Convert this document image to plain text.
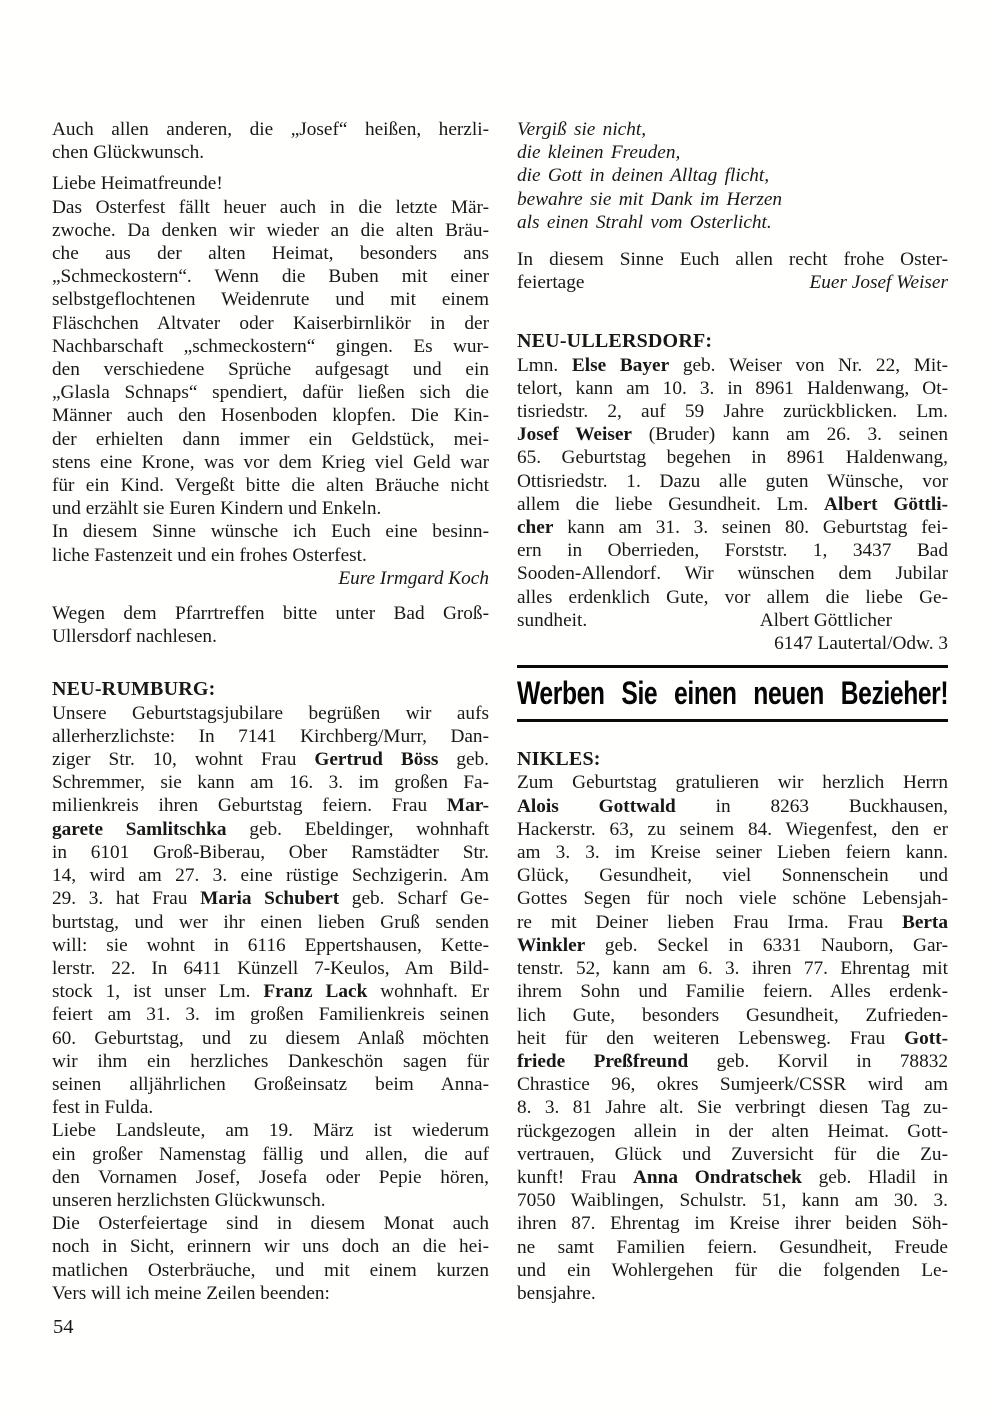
Auch allen anderen, die „Josef“ heißen, herzli-
chen Glückwunsch.
Liebe Heimatfreunde!
Das Osterfest fällt heuer auch in die letzte Mär-
zwoche. Da denken wir wieder an die alten Bräu-
che aus der alten Heimat, besonders ans
„Schmeckostern“. Wenn die Buben mit einer
selbstgeflochtenen Weidenrute und mit einem
Fläschchen Altvater oder Kaiserbirnlikör in der
Nachbarschaft „schmeckostern“ gingen. Es wur-
den verschiedene Sprüche aufgesagt und ein
„Glasla Schnaps“ spendiert, dafür ließen sich die
Männer auch den Hosenboden klopfen. Die Kin-
der erhielten dann immer ein Geldstück, mei-
stens eine Krone, was vor dem Krieg viel Geld war
für ein Kind. Vergeßt bitte die alten Bräuche nicht
und erzählt sie Euren Kindern und Enkeln.
In diesem Sinne wünsche ich Euch eine besinn-
liche Fastenzeit und ein frohes Osterfest.
Eure Irmgard Koch
Wegen dem Pfarrtreffen bitte unter Bad Groß-
Ullersdorf nachlesen.
NEU-RUMBURG:
Unsere Geburtstagsjubilare begrüßen wir aufs
allerherzlichste: In 7141 Kirchberg/Murr, Dan-
ziger Str. 10, wohnt Frau Gertrud Böss geb.
Schremmer, sie kann am 16. 3. im großen Fa-
milienkreis ihren Geburtstag feiern. Frau Mar-
garete Samlitschka geb. Ebeldinger, wohnhaft
in 6101 Groß-Biberau, Ober Ramstädter Str.
14, wird am 27. 3. eine rüstige Sechzigerin. Am
29. 3. hat Frau Maria Schubert geb. Scharf Ge-
burtstag, und wer ihr einen lieben Gruß senden
will: sie wohnt in 6116 Eppertshausen, Kette-
lerstr. 22. In 6411 Künzell 7-Keulos, Am Bild-
stock 1, ist unser Lm. Franz Lack wohnhaft. Er
feiert am 31. 3. im großen Familienkreis seinen
60. Geburtstag, und zu diesem Anlaß möchten
wir ihm ein herzliches Dankeschön sagen für
seinen alljährlichen Großeinsatz beim Anna-
fest in Fulda.
Liebe Landsleute, am 19. März ist wiederum
ein großer Namenstag fällig und allen, die auf
den Vornamen Josef, Josefa oder Pepie hören,
unseren herzlichsten Glückwunsch.
Die Osterfeiertage sind in diesem Monat auch
noch in Sicht, erinnern wir uns doch an die hei-
matlichen Osterbräuche, und mit einem kurzen
Vers will ich meine Zeilen beenden:
Vergiß sie nicht,
die kleinen Freuden,
die Gott in deinen Alltag flicht,
bewahre sie mit Dank im Herzen
als einen Strahl vom Osterlicht.
In diesem Sinne Euch allen recht frohe Oster-
feiertage	Euer Josef Weiser
NEU-ULLERSDORF:
Lmn. Else Bayer geb. Weiser von Nr. 22, Mit-
telort, kann am 10. 3. in 8961 Haldenwang, Ot-
tisriedstr. 2, auf 59 Jahre zurückblicken. Lm.
Josef Weiser (Bruder) kann am 26. 3. seinen
65. Geburtstag begehen in 8961 Haldenwang,
Ottisriedstr. 1. Dazu alle guten Wünsche, vor
allem die liebe Gesundheit. Lm. Albert Göttli-
cher kann am 31. 3. seinen 80. Geburtstag fei-
ern in Oberrieden, Forststr. 1, 3437 Bad
Sooden-Allendorf. Wir wünschen dem Jubilar
alles erdenklich Gute, vor allem die liebe Ge-
sundheit.	Albert Göttlicher
6147 Lautertal/Odw. 3
Werben Sie einen neuen Bezieher!
NIKLES:
Zum Geburtstag gratulieren wir herzlich Herrn
Alois Gottwald in 8263 Buckhausen,
Hackerstr. 63, zu seinem 84. Wiegenfest, den er
am 3. 3. im Kreise seiner Lieben feiern kann.
Glück, Gesundheit, viel Sonnenschein und
Gottes Segen für noch viele schöne Lebensjah-
re mit Deiner lieben Frau Irma. Frau Berta
Winkler geb. Seckel in 6331 Nauborn, Gar-
tenstr. 52, kann am 6. 3. ihren 77. Ehrentag mit
ihrem Sohn und Familie feiern. Alles erdenk-
lich Gute, besonders Gesundheit, Zufrieden-
heit für den weiteren Lebensweg. Frau Gott-
friede Preßfreund geb. Korvil in 78832
Chrastice 96, okres Sumjeerk/CSSR wird am
8. 3. 81 Jahre alt. Sie verbringt diesen Tag zu-
rückgezogen allein in der alten Heimat. Gott-
vertrauen, Glück und Zuversicht für die Zu-
kunft! Frau Anna Ondratschek geb. Hladil in
7050 Waiblingen, Schulstr. 51, kann am 30. 3.
ihren 87. Ehrentag im Kreise ihrer beiden Söh-
ne samt Familien feiern. Gesundheit, Freude
und ein Wohlergehen für die folgenden Le-
bensjahre.
54
